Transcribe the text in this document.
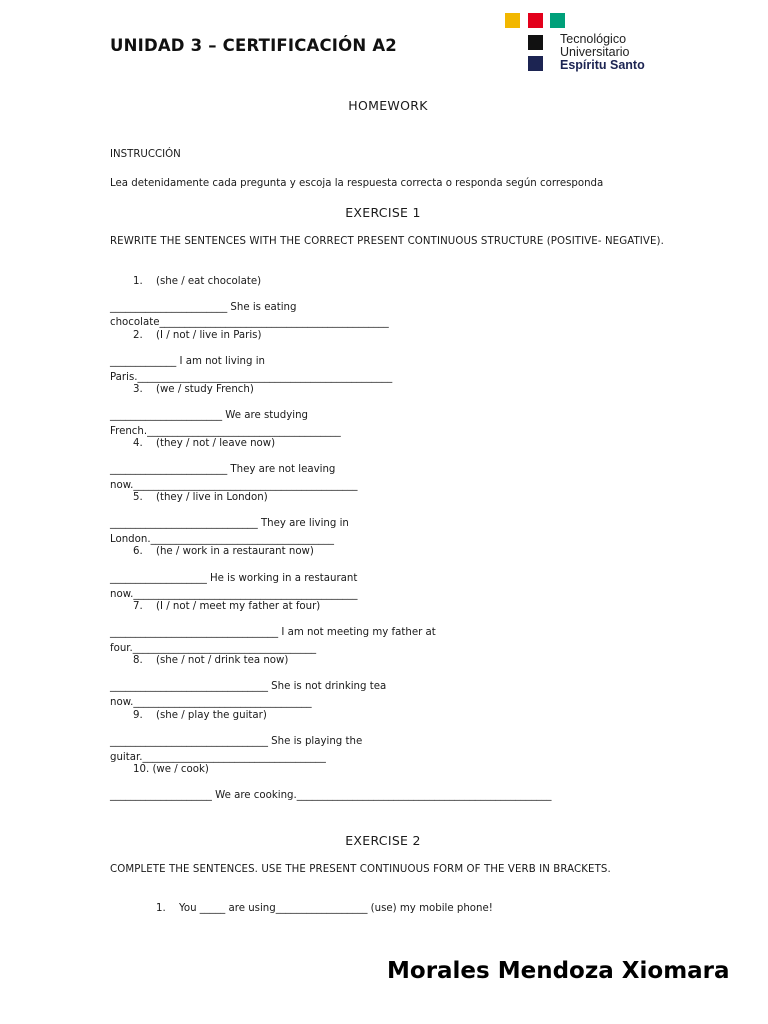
UNIDAD 3 – CERTIFICACIÓN A2	Tecnológico
Universitario
Espíritu Santo
HOMEWORK
INSTRUCCIÓN
Lea detenidamente cada pregunta y escoja la respuesta correcta o responda según corresponda
EXERCISE 1
REWRITE THE SENTENCES WITH THE CORRECT PRESENT CONTINUOUS STRUCTURE (POSITIVE- NEGATIVE).
1. (she / eat chocolate)
_______________________ She is eating
chocolate_____________________________________________
2. (I / not / live in Paris)
_____________ I am not living in
Paris.__________________________________________________
3. (we / study French)
______________________ We are studying
French.______________________________________
4. (they / not / leave now)
_______________________ They are not leaving
now.____________________________________________
5. (they / live in London)
_____________________________ They are living in
London.____________________________________
6. (he / work in a restaurant now)
___________________ He is working in a restaurant
now.____________________________________________
7. (I / not / meet my father at four)
_________________________________ I am not meeting my father at
four.____________________________________
8. (she / not / drink tea now)
_______________________________ She is not drinking tea
now.___________________________________
9. (she / play the guitar)
_______________________________ She is playing the
guitar.____________________________________
10. (we / cook)
____________________ We are cooking.__________________________________________________
EXERCISE 2
COMPLETE THE SENTENCES. USE THE PRESENT CONTINUOUS FORM OF THE VERB IN BRACKETS.
1. You _____ are using__________________ (use) my mobile phone!
Morales Mendoza Xiomara
